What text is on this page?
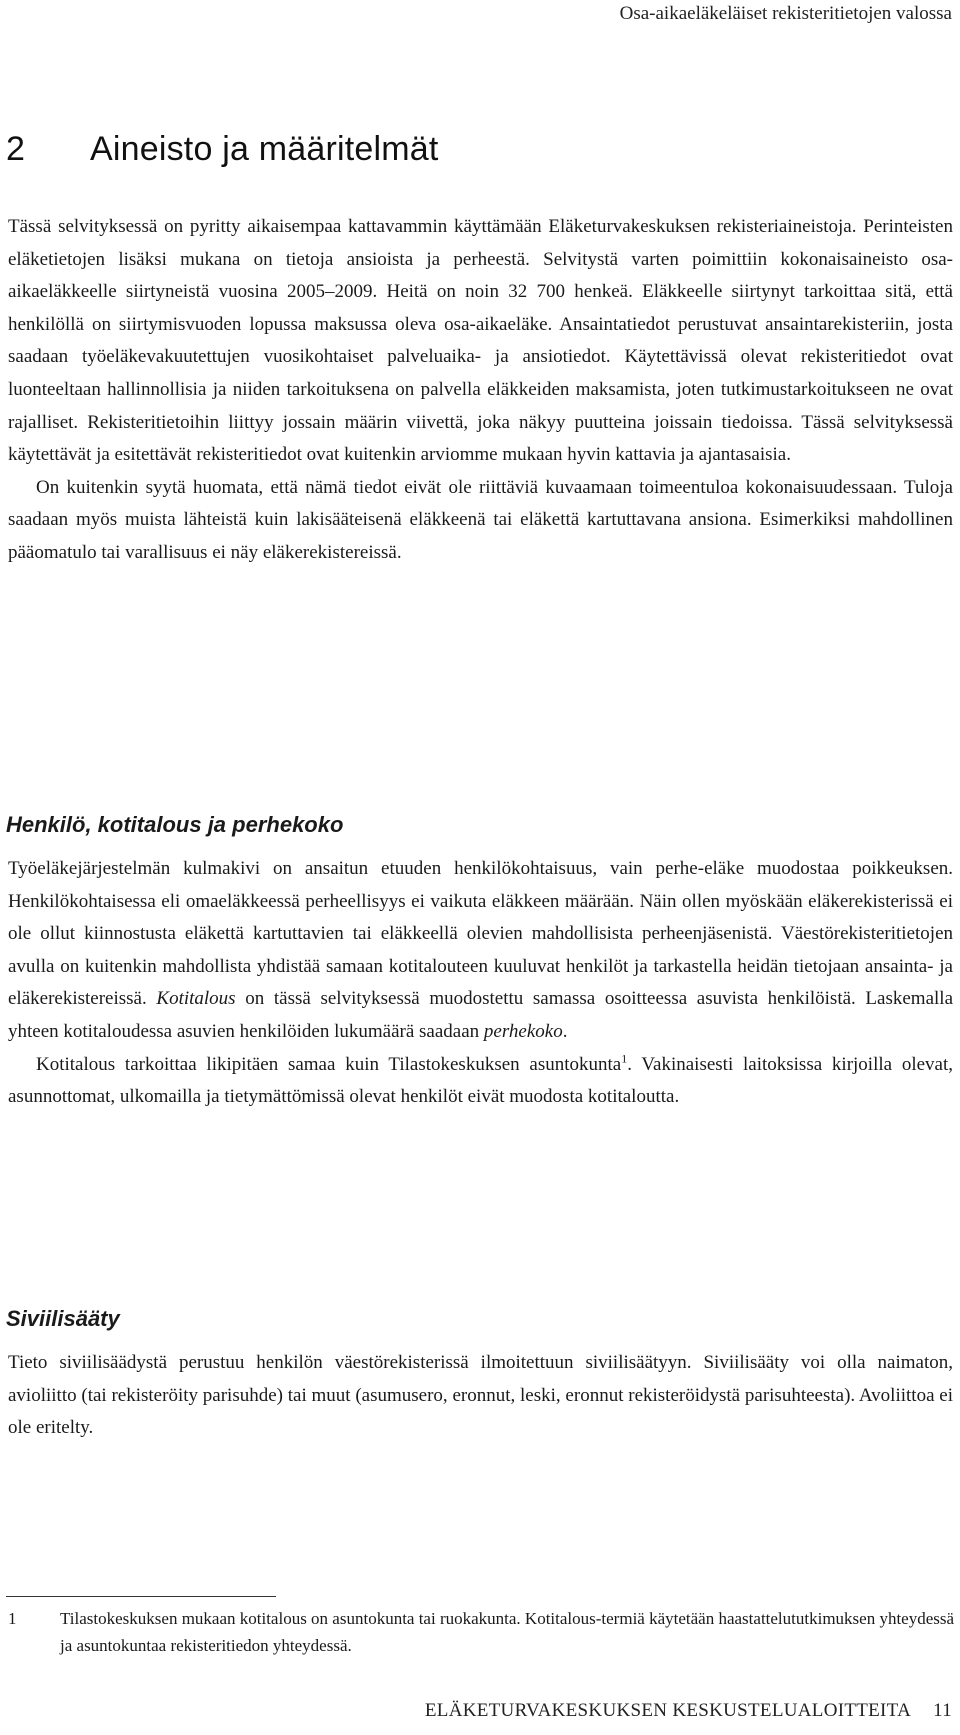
Osa-aikaeläkeläiset rekisteritietojen valossa
2 Aineisto ja määritelmät

Tässä selvityksessä on pyritty aikaisempaa kattavammin käyttämään Eläketurvakeskuksen rekisteriaineistoja. Perinteisten eläketietojen lisäksi mukana on tietoja ansioista ja perheestä. Selvitystä varten poimittiin kokonaisaineisto osa-aikaeläkkeelle siirtyneistä vuosina 2005–2009. Heitä on noin 32 700 henkeä. Eläkkeelle siirtynyt tarkoittaa sitä, että henkilöllä on siirtymisvuoden lopussa maksussa oleva osa-aikaeläke. Ansaintatiedot perustuvat ansaintarekisteriin, josta saadaan työeläkevakuutettujen vuosikohtaiset palveluaika- ja ansiotiedot. Käytettävissä olevat rekisteritiedot ovat luonteeltaan hallinnollisia ja niiden tarkoituksena on palvella eläkkeiden maksamista, joten tutkimustarkoitukseen ne ovat rajalliset. Rekisteritietoihin liittyy jossain määrin viivettä, joka näkyy puutteina joissain tiedoissa. Tässä selvityksessä käytettävät ja esitettävät rekisteritiedot ovat kuitenkin arviomme mukaan hyvin kattavia ja ajantasaisia.

On kuitenkin syytä huomata, että nämä tiedot eivät ole riittäviä kuvaamaan toimeentuloa kokonaisuudessaan. Tuloja saadaan myös muista lähteistä kuin lakisääteisenä eläkkeenä tai eläkettä kartuttavana ansiona. Esimerkiksi mahdollinen pääomatulo tai varallisuus ei näy eläkerekistereissä.

Henkilö, kotitalous ja perhekoko

Työeläkejärjestelmän kulmakivi on ansaitun etuuden henkilökohtaisuus, vain perhe-eläke muodostaa poikkeuksen. Henkilökohtaisessa eli omaeläkkeessä perheellisyys ei vaikuta eläkkeen määrään. Näin ollen myöskään eläkerekisterissä ei ole ollut kiinnostusta eläkettä kartuttavien tai eläkkeellä olevien mahdollisista perheenjäsenistä. Väestörekisteritietojen avulla on kuitenkin mahdollista yhdistää samaan kotitalouteen kuuluvat henkilöt ja tarkastella heidän tietojaan ansainta- ja eläkerekistereissä. Kotitalous on tässä selvityksessä muodostettu samassa osoitteessa asuvista henkilöistä. Laskemalla yhteen kotitaloudessa asuvien henkilöiden lukumäärä saadaan perhekoko.

Kotitalous tarkoittaa likipitäen samaa kuin Tilastokeskuksen asuntokunta$^1$. Vakinaisesti laitoksissa kirjoilla olevat, asunnottomat, ulkomailla ja tietymättömissä olevat henkilöt eivät muodosta kotitaloutta.

Siviilisääty

Tieto siviilisäädystä perustuu henkilön väestörekisterissä ilmoitettuun siviilisäätyyn. Siviilisääty voi olla naimaton, avioliitto (tai rekisteröity parisuhde) tai muut (asumusero, eronnut, leski, eronnut rekisteröidystä parisuhteesta). Avoliittoa ei ole eritelty.

1	Tilastokeskuksen mukaan kotitalous on asuntokunta tai ruokakunta. Kotitalous-termiä käytetään haastattelututkimuksen yhteydessä ja asuntokuntaa rekisteritiedon yhteydessä.
ELÄKETURVAKESKUKSEN KESKUSTELUALOITTEITA 11
